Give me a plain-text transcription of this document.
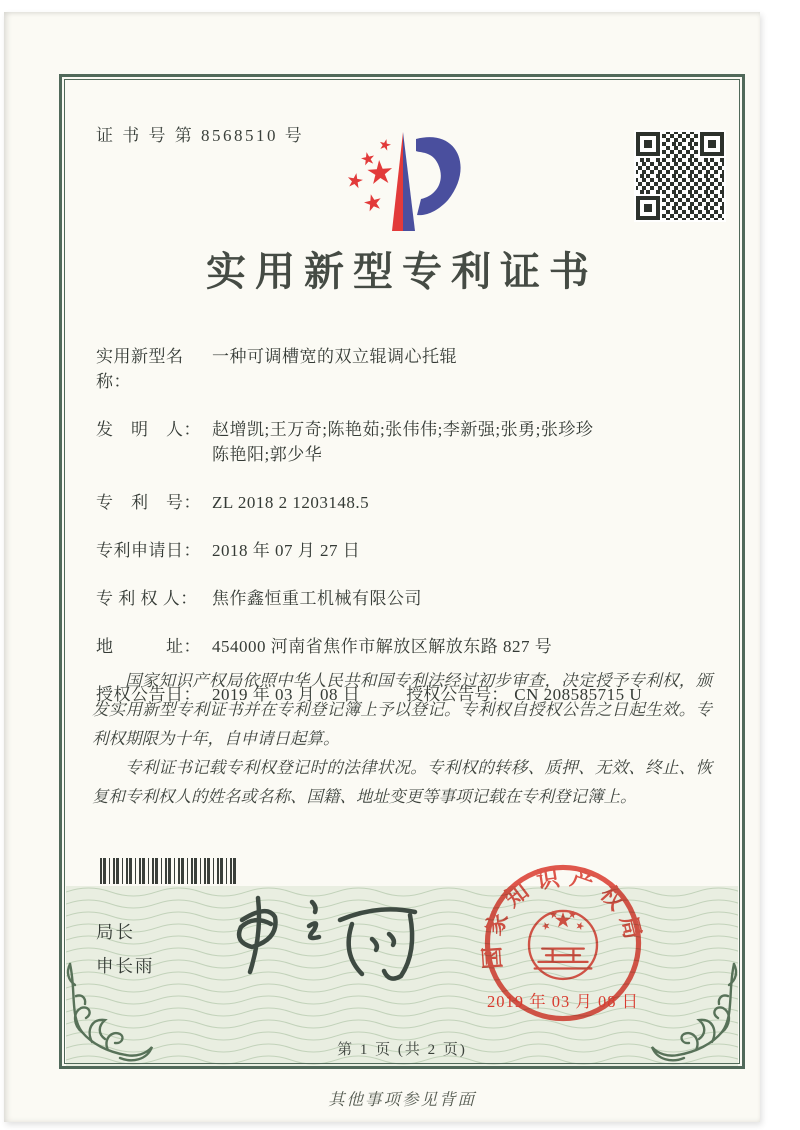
证 书 号 第 8568510 号
实用新型专利证书
实用新型名称：
一种可调槽宽的双立辊调心托辊
发　明　人： 赵增凯;王万奇;陈艳茹;张伟伟;李新强;张勇;张珍珍
陈艳阳;郭少华
专　利　号： ZL 2018 2 1203148.5
专利申请日： 2018 年 07 月 27 日
专 利 权 人： 焦作鑫恒重工机械有限公司
地　　　址： 454000 河南省焦作市解放区解放东路 827 号
授权公告日： 2019 年 03 月 08 日	授权公告号： CN 208585715 U

国家知识产权局依照中华人民共和国专利法经过初步审查，决定授予专利权，颁发实用新型专利证书并在专利登记簿上予以登记。专利权自授权公告之日起生效。专利权期限为十年，自申请日起算。

专利证书记载专利权登记时的法律状况。专利权的转移、质押、无效、终止、恢复和专利权人的姓名或名称、国籍、地址变更等事项记载在专利登记簿上。

局长
申长雨	国家知识产权局
2019 年 03 月 08 日
第 1 页 (共 2 页)
其他事项参见背面
